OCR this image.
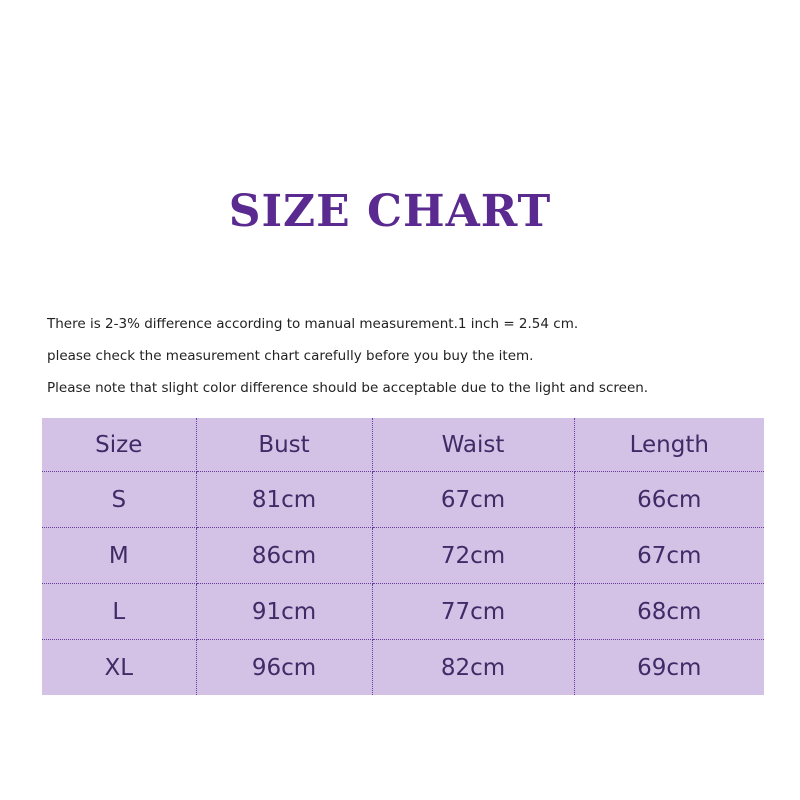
SIZE CHART
There is 2-3% difference according to manual measurement.1 inch = 2.54 cm.
please check the measurement chart carefully before you buy the item.
Please note that slight color difference should be acceptable due to the light and screen.
Size	Bust	Waist	Length
S	81cm	67cm	66cm
M	86cm	72cm	67cm
L	91cm	77cm	68cm
XL	96cm	82cm	69cm
